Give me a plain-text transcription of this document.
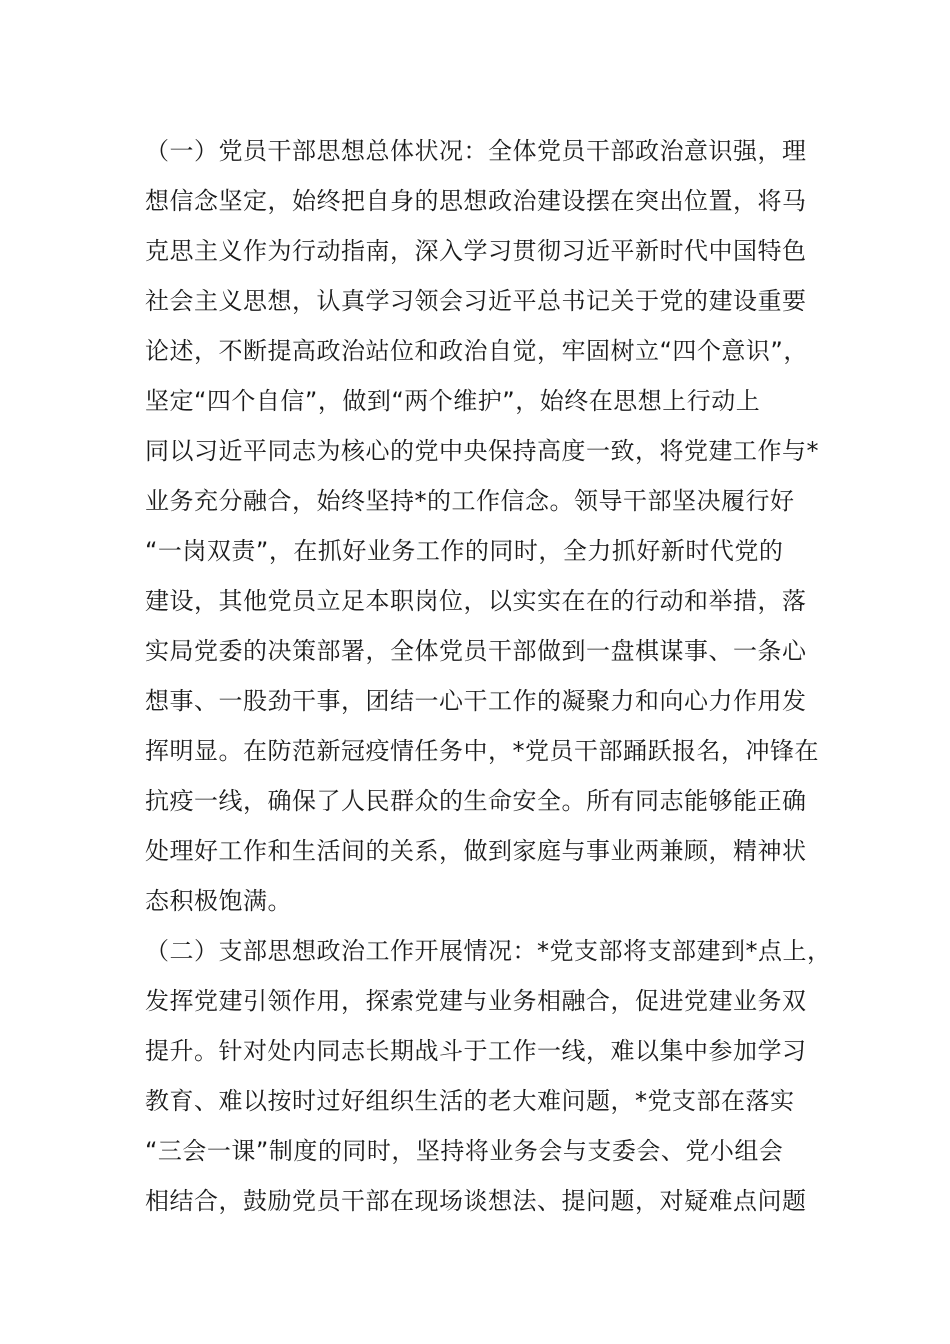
（一）党员干部思想总体状况：全体党员干部政治意识强，理
想信念坚定，始终把自身的思想政治建设摆在突出位置，将马
克思主义作为行动指南，深入学习贯彻习近平新时代中国特色
社会主义思想，认真学习领会习近平总书记关于党的建设重要
论述，不断提高政治站位和政治自觉，牢固树立“四个意识”，
坚定“四个自信”，做到“两个维护”，始终在思想上行动上
同以习近平同志为核心的党中央保持高度一致，将党建工作与*
业务充分融合，始终坚持*的工作信念。领导干部坚决履行好
“一岗双责”，在抓好业务工作的同时，全力抓好新时代党的
建设，其他党员立足本职岗位，以实实在在的行动和举措，落
实局党委的决策部署，全体党员干部做到一盘棋谋事、一条心
想事、一股劲干事，团结一心干工作的凝聚力和向心力作用发
挥明显。在防范新冠疫情任务中，*党员干部踊跃报名，冲锋在
抗疫一线，确保了人民群众的生命安全。所有同志能够能正确
处理好工作和生活间的关系，做到家庭与事业两兼顾，精神状
态积极饱满。
（二）支部思想政治工作开展情况：*党支部将支部建到*点上，
发挥党建引领作用，探索党建与业务相融合，促进党建业务双
提升。针对处内同志长期战斗于工作一线，难以集中参加学习
教育、难以按时过好组织生活的老大难问题，*党支部在落实
“三会一课”制度的同时，坚持将业务会与支委会、党小组会
相结合，鼓励党员干部在现场谈想法、提问题，对疑难点问题
